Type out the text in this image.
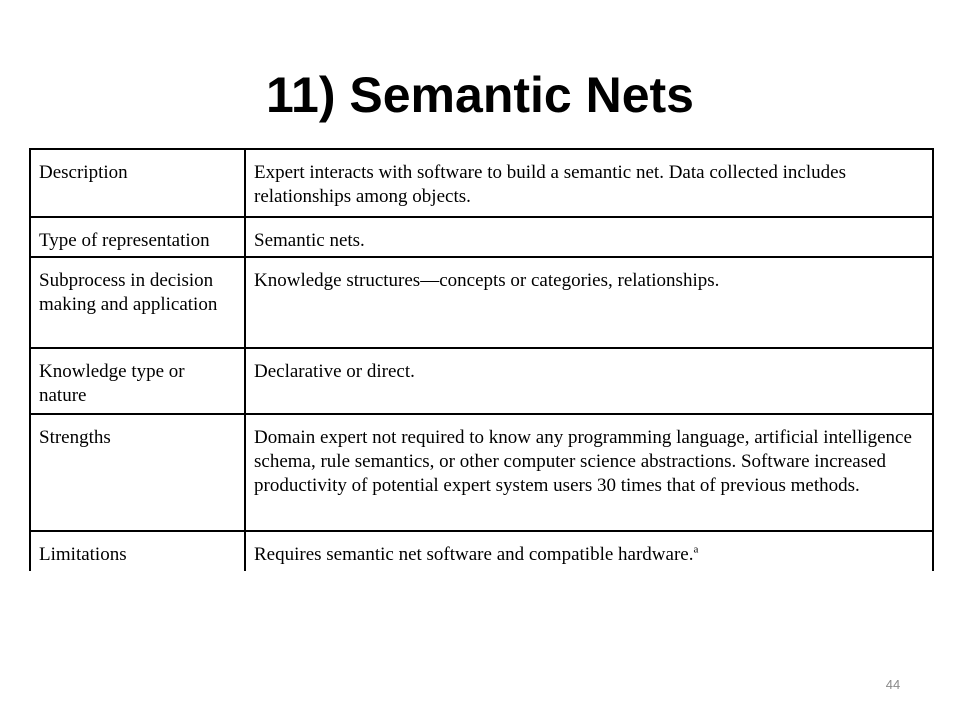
11) Semantic Nets
Description	Expert interacts with software to build a semantic net. Data collected includes relationships among objects.
Type of representation	Semantic nets.
Subprocess in decision making and application	Knowledge structures—concepts or categories, relationships.
Knowledge type or nature	Declarative or direct.
Strengths	Domain expert not required to know any programming language, artificial intelligence schema, rule semantics, or other computer science abstractions. Software increased productivity of potential expert system users 30 times that of previous methods.
Limitations	Requires semantic net software and compatible hardware.$^a$
44
